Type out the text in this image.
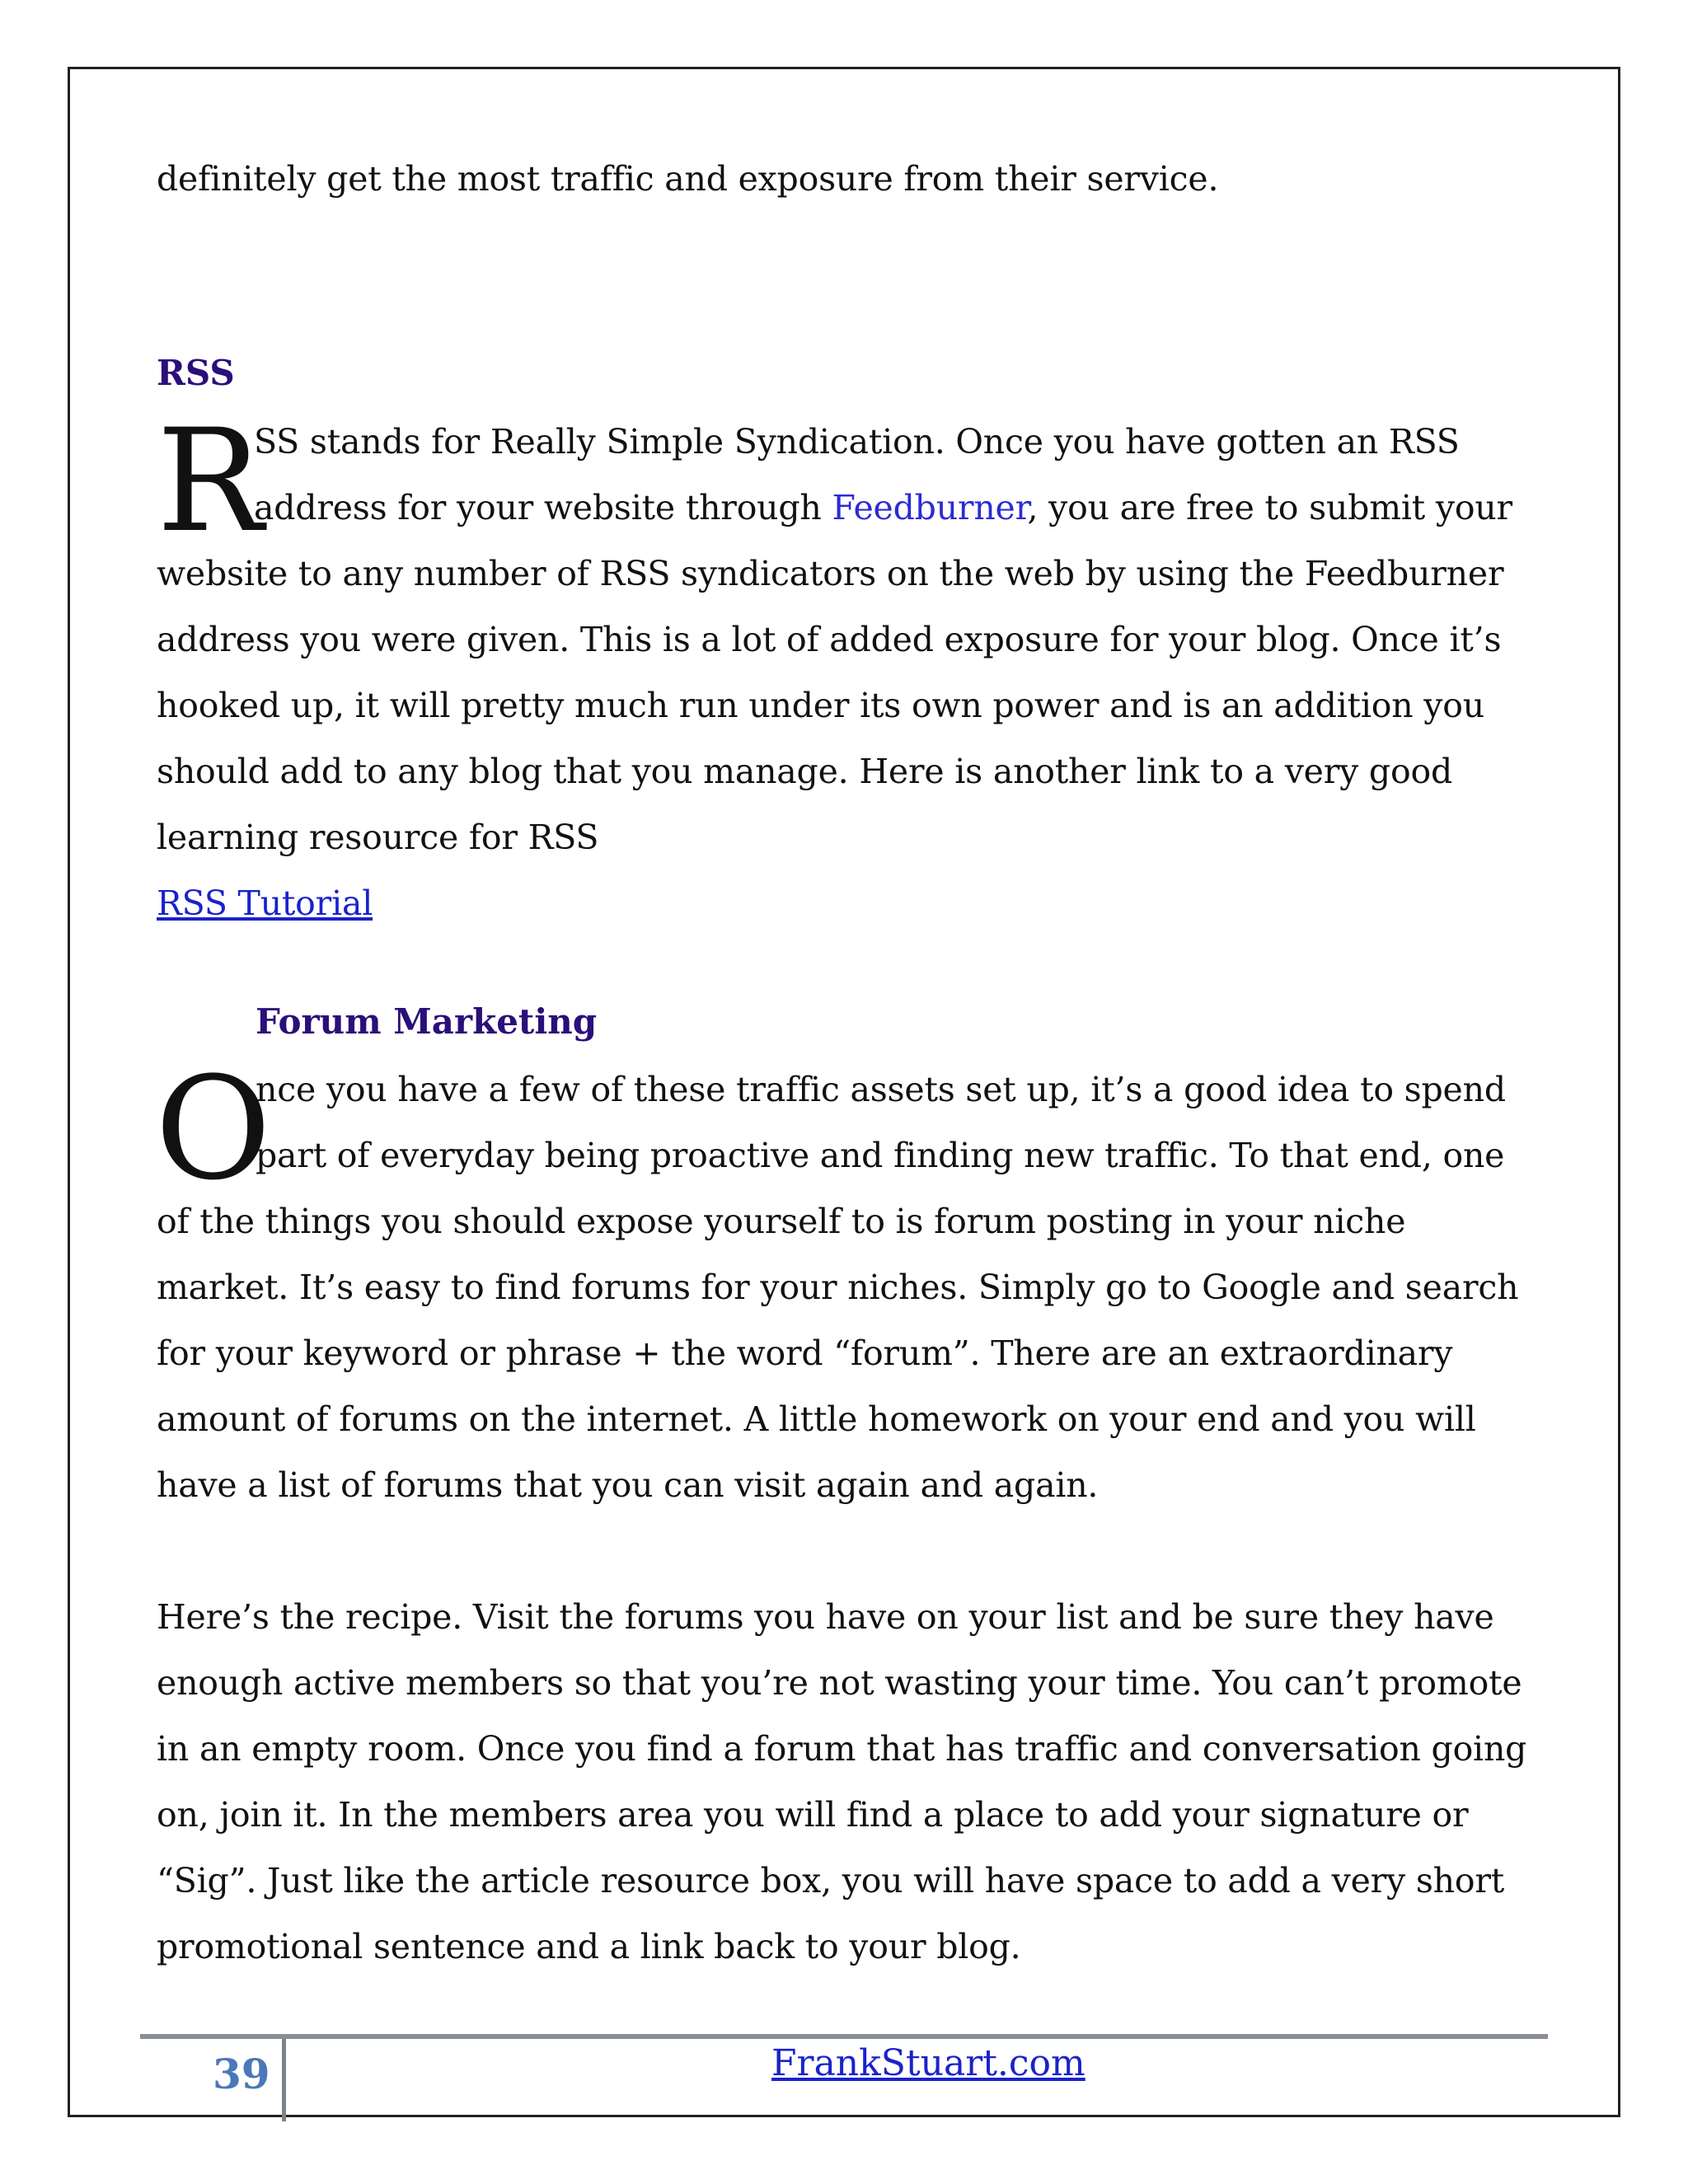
definitely get the most traffic and exposure from their service.
RSS
R
SS stands for Really Simple Syndication. Once you have gotten an RSS
address for your website through Feedburner, you are free to submit your
website to any number of RSS syndicators on the web by using the Feedburner
address you were given. This is a lot of added exposure for your blog. Once it’s
hooked up, it will pretty much run under its own power and is an addition you
should add to any blog that you manage. Here is another link to a very good
learning resource for RSS
RSS Tutorial
Forum Marketing
O
nce you have a few of these traffic assets set up, it’s a good idea to spend
part of everyday being proactive and finding new traffic. To that end, one
of the things you should expose yourself to is forum posting in your niche
market. It’s easy to find forums for your niches. Simply go to Google and search
for your keyword or phrase + the word “forum”. There are an extraordinary
amount of forums on the internet. A little homework on your end and you will
have a list of forums that you can visit again and again.
Here’s the recipe. Visit the forums you have on your list and be sure they have
enough active members so that you’re not wasting your time. You can’t promote
in an empty room. Once you find a forum that has traffic and conversation going
on, join it. In the members area you will find a place to add your signature or
“Sig”. Just like the article resource box, you will have space to add a very short
promotional sentence and a link back to your blog.
39	FrankStuart.com
